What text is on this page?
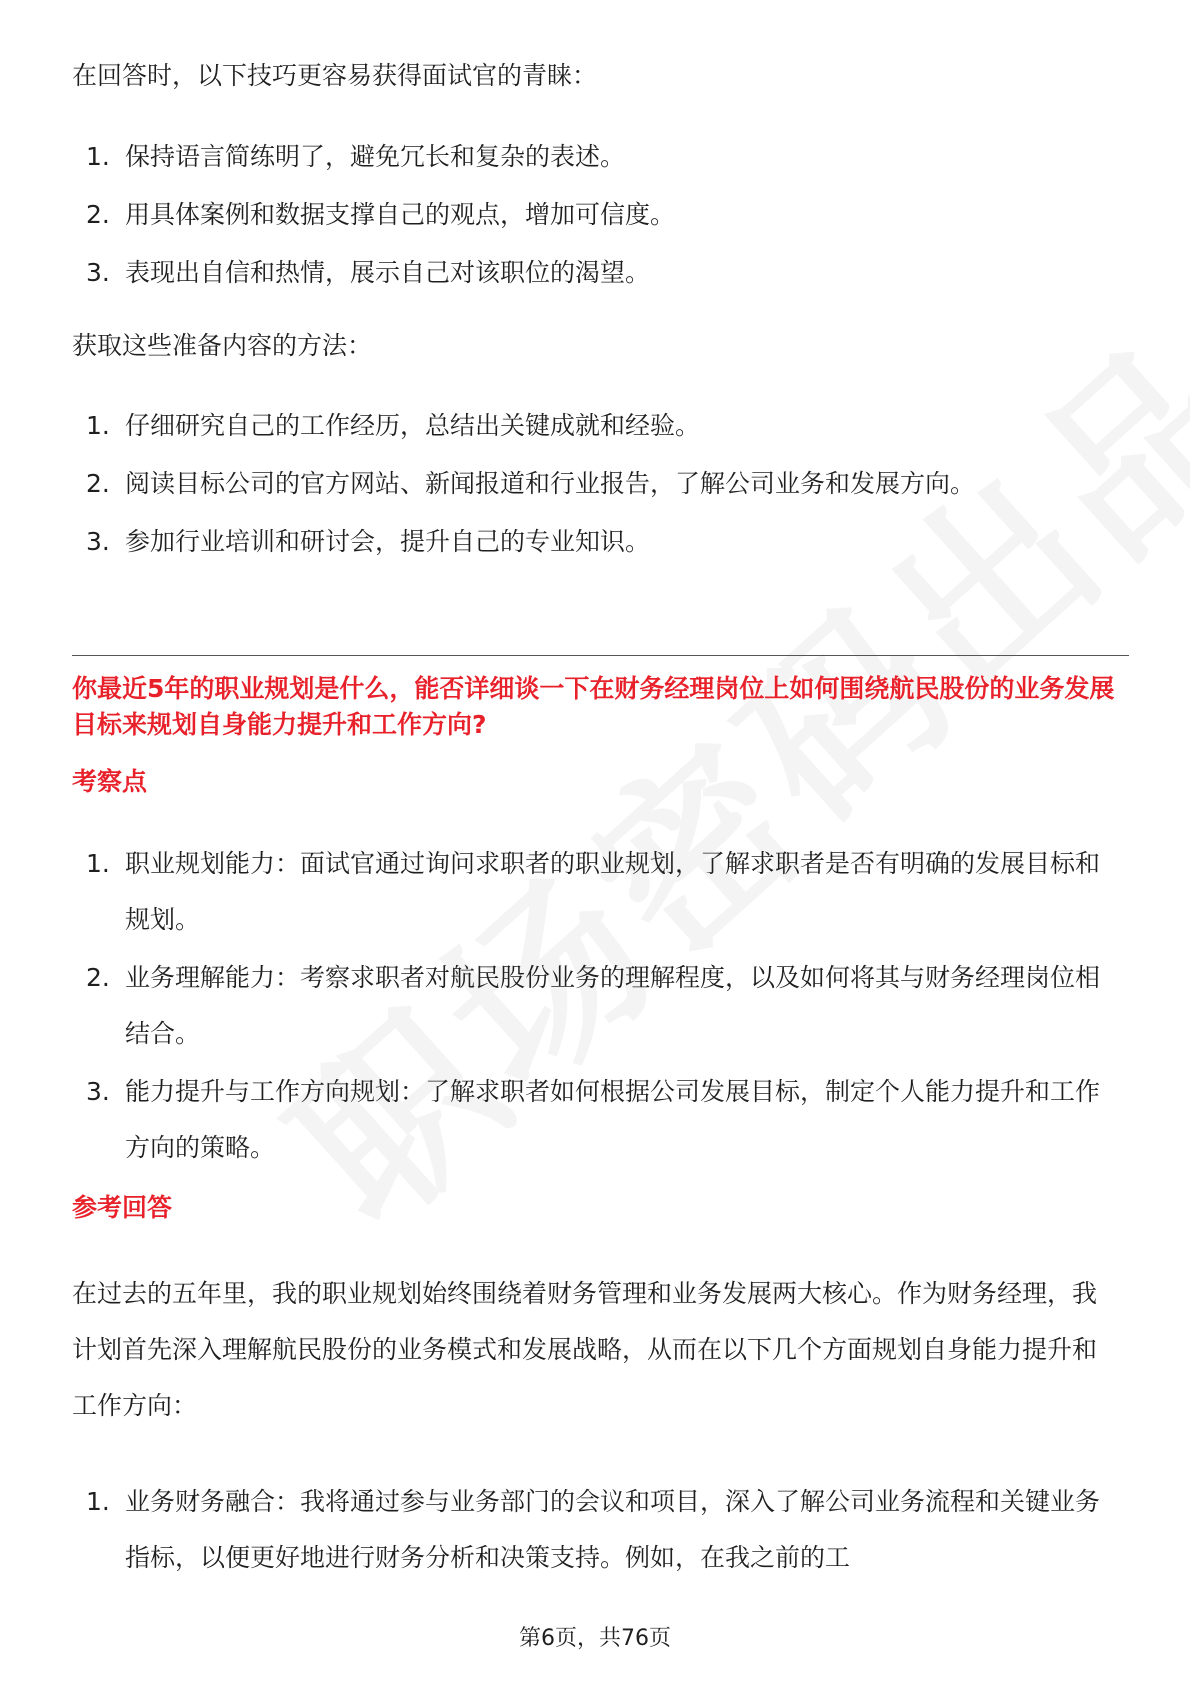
在回答时，以下技巧更容易获得面试官的青睐：

1. 保持语言简练明了，避免冗长和复杂的表述。
2. 用具体案例和数据支撑自己的观点，增加可信度。
3. 表现出自信和热情，展示自己对该职位的渴望。

获取这些准备内容的方法：

1. 仔细研究自己的工作经历，总结出关键成就和经验。
2. 阅读目标公司的官方网站、新闻报道和行业报告，了解公司业务和发展方向。
3. 参加行业培训和研讨会，提升自己的专业知识。

你最近5年的职业规划是什么，能否详细谈一下在财务经理岗位上如何围绕航民股份的业务发展目标来规划自身能力提升和工作方向?

考察点

1. 职业规划能力：面试官通过询问求职者的职业规划，了解求职者是否有明确的发展目标和规划。
2. 业务理解能力：考察求职者对航民股份业务的理解程度，以及如何将其与财务经理岗位相结合。
3. 能力提升与工作方向规划：了解求职者如何根据公司发展目标，制定个人能力提升和工作方向的策略。

参考回答

在过去的五年里，我的职业规划始终围绕着财务管理和业务发展两大核心。作为财务经理，我计划首先深入理解航民股份的业务模式和发展战略，从而在以下几个方面规划自身能力提升和工作方向：

1. 业务财务融合：我将通过参与业务部门的会议和项目，深入了解公司业务流程和关键业务指标，以便更好地进行财务分析和决策支持。例如，在我之前的工
第6页，共76页
